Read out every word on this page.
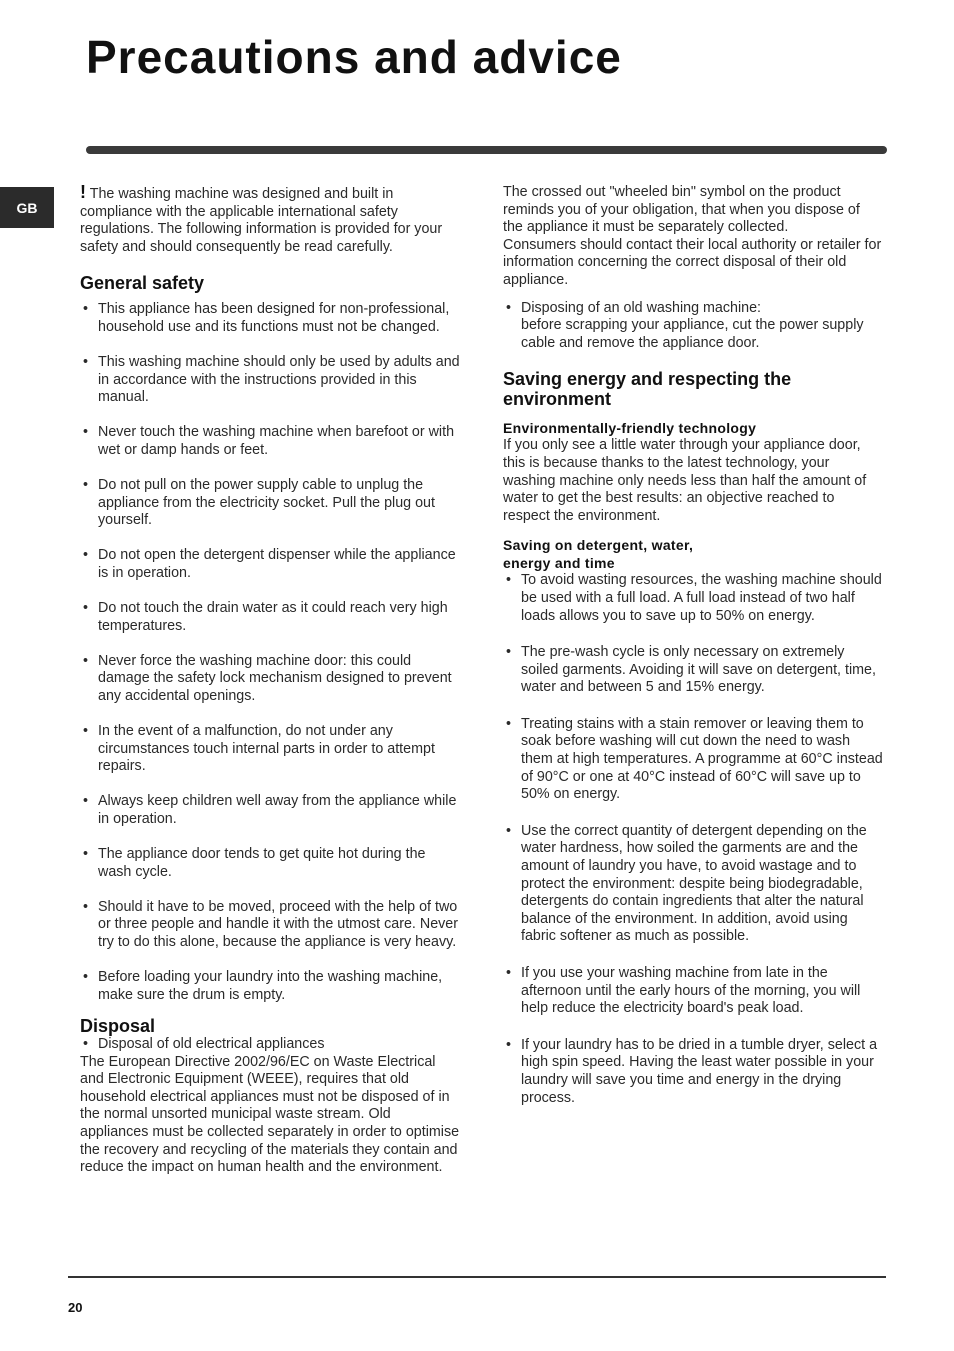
Precautions and advice
GB

! The washing machine was designed and built in compliance with the applicable international safety regulations. The following information is provided for your safety and should consequently be read carefully.

General safety
• This appliance has been designed for non-professional, household use and its functions must not be changed.
• This washing machine should only be used by adults and in accordance with the instructions provided in this manual.
• Never touch the washing machine when barefoot or with wet or damp hands or feet.
• Do not pull on the power supply cable to unplug the appliance from the electricity socket. Pull the plug out yourself.
• Do not open the detergent dispenser while the appliance is in operation.
• Do not touch the drain water as it could reach very high temperatures.
• Never force the washing machine door: this could damage the safety lock mechanism designed to prevent any accidental openings.
• In the event of a malfunction, do not under any circumstances touch internal parts in order to attempt repairs.
• Always keep children well away from the appliance while in operation.
• The appliance door tends to get quite hot during the wash cycle.
• Should it have to be moved, proceed with the help of two or three people and handle it with the utmost care. Never try to do this alone, because the appliance is very heavy.
• Before loading your laundry into the washing machine, make sure the drum is empty.
Disposal
• Disposal of old electrical appliances

The European Directive 2002/96/EC on Waste Electrical and Electronic Equipment (WEEE), requires that old household electrical appliances must not be disposed of in the normal unsorted municipal waste stream. Old appliances must be collected separately in order to optimise the recovery and recycling of the materials they contain and reduce the impact on human health and the environment.

The crossed out "wheeled bin" symbol on the product reminds you of your obligation, that when you dispose of the appliance it must be separately collected.

Consumers should contact their local authority or retailer for information concerning the correct disposal of their old appliance.

• Disposing of an old washing machine:
before scrapping your appliance, cut the power supply cable and remove the appliance door.
Saving energy and respecting the environment
Environmentally-friendly technology

If you only see a little water through your appliance door, this is because thanks to the latest technology, your washing machine only needs less than half the amount of water to get the best results: an objective reached to respect the environment.

Saving on detergent, water,
energy and time
• To avoid wasting resources, the washing machine should be used with a full load. A full load instead of two half loads allows you to save up to 50% on energy.
• The pre-wash cycle is only necessary on extremely soiled garments. Avoiding it will save on detergent, time, water and between 5 and 15% energy.
• Treating stains with a stain remover or leaving them to soak before washing will cut down the need to wash them at high temperatures. A programme at 60°C instead of 90°C or one at 40°C instead of 60°C will save up to 50% on energy.
• Use the correct quantity of detergent depending on the water hardness, how soiled the garments are and the amount of laundry you have, to avoid wastage and to protect the environment: despite being biodegradable, detergents do contain ingredients that alter the natural balance of the environment. In addition, avoid using fabric softener as much as possible.
• If you use your washing machine from late in the afternoon until the early hours of the morning, you will help reduce the electricity board's peak load.
• If your laundry has to be dried in a tumble dryer, select a high spin speed. Having the least water possible in your laundry will save you time and energy in the drying process.
20
